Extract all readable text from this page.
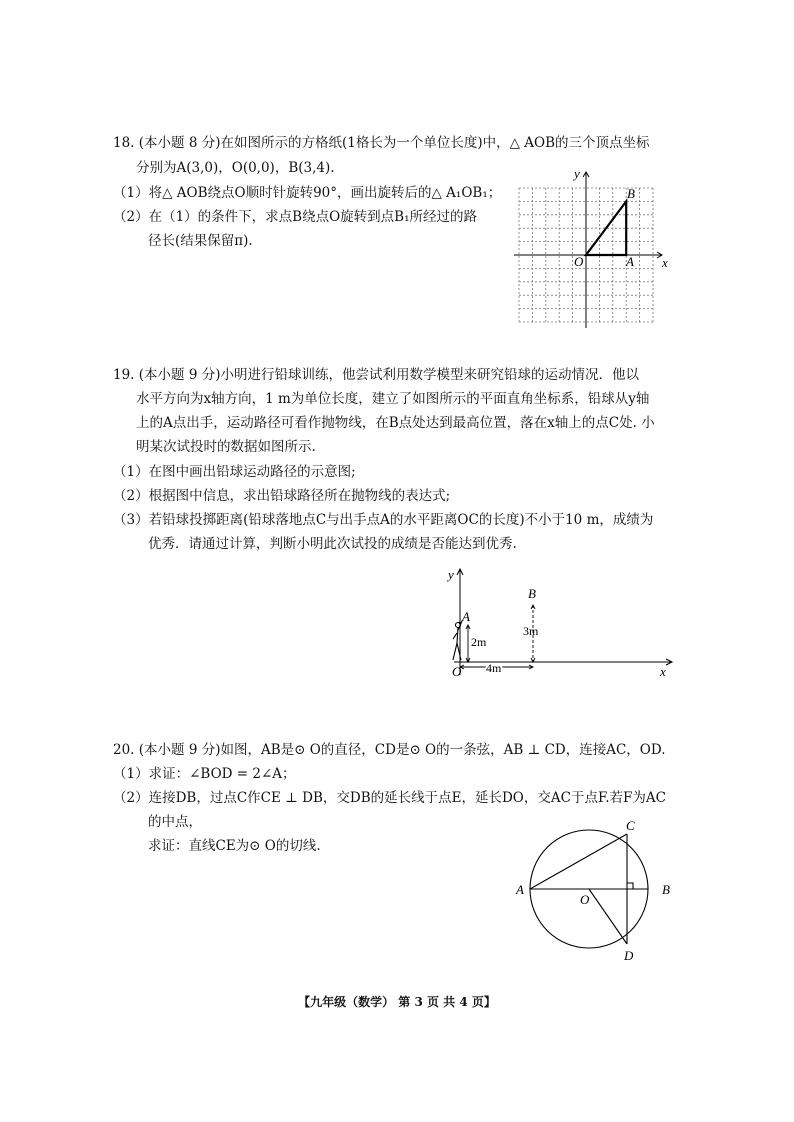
18. (本小题 8 分)在如图所示的方格纸(1格长为一个单位长度)中，△ AOB的三个顶点坐标
分别为A(3,0)，O(0,0)，B(3,4).
（1）将△ AOB绕点O顺时针旋转90°，画出旋转后的△ A₁OB₁；
（2）在（1）的条件下，求点B绕点O旋转到点B₁所经过的路
径长(结果保留π).
y
x
O	A
B
19. (本小题 9 分)小明进行铅球训练，他尝试利用数学模型来研究铅球的运动情况．他以
水平方向为x轴方向，1 m为单位长度，建立了如图所示的平面直角坐标系，铅球从y轴
上的A点出手，运动路径可看作抛物线，在B点处达到最高位置，落在x轴上的点C处. 小
明某次试投时的数据如图所示.
（1）在图中画出铅球运动路径的示意图;
（2）根据图中信息，求出铅球路径所在抛物线的表达式;
（3）若铅球投掷距离(铅球落地点C与出手点A的水平距离OC的长度)不小于10 m，成绩为
优秀．请通过计算，判断小明此次试投的成绩是否能达到优秀.
y
x
O
A
B
2m
3m
4m
20. (本小题 9 分)如图，AB是⊙ O的直径，CD是⊙ O的一条弦，AB ⊥ CD，连接AC，OD.
（1）求证：∠BOD = 2∠A；
（2）连接DB，过点C作CE ⊥ DB，交DB的延长线于点E，延长DO，交AC于点F.若F为AC
的中点，
求证：直线CE为⊙ O的切线.
A	B
C
D
O
【九年级（数学） 第 3 页 共 4 页】
